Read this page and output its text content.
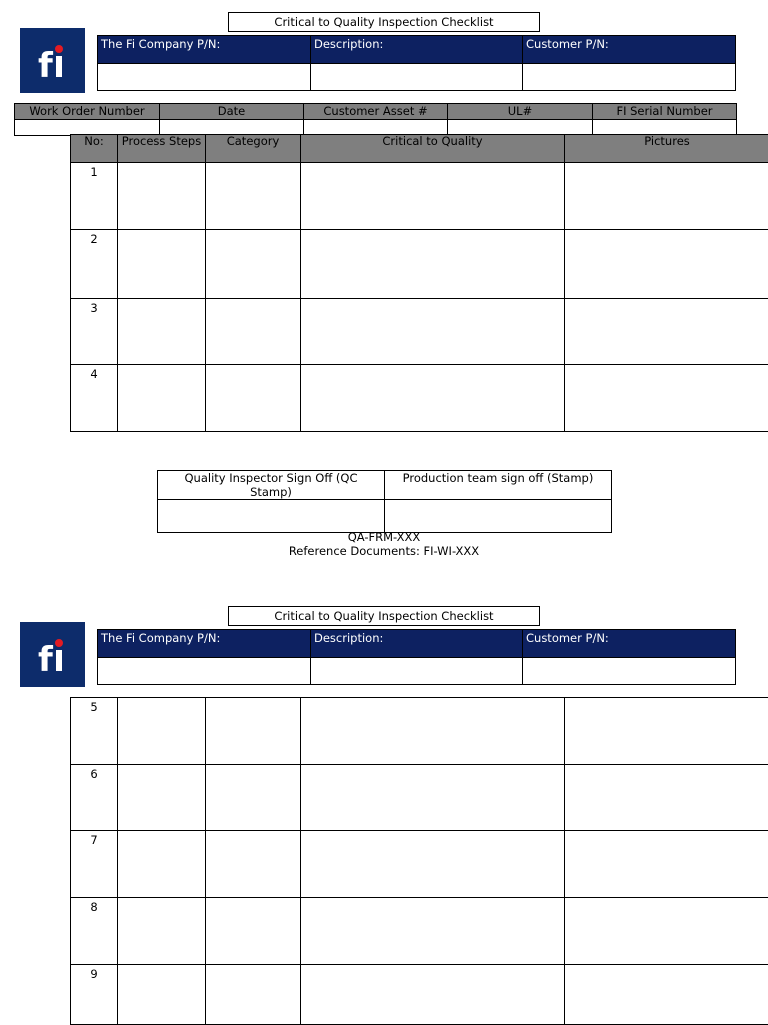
Critical to Quality Inspection Checklist
f
The Fi Company P/N:	Description:	Customer P/N:

Work Order Number	Date	Customer Asset #	UL#	FI Serial Number

No:	Process Steps	Category	Critical to Quality	Pictures
1				
2				
3				
4				
Quality Inspector Sign Off (QC Stamp)	Production team sign off (Stamp)

QA-FRM-XXX
Reference Documents: FI-WI-XXX
Critical to Quality Inspection Checklist
f
The Fi Company P/N:	Description:	Customer P/N:

5				
6				
7				
8				
9				
